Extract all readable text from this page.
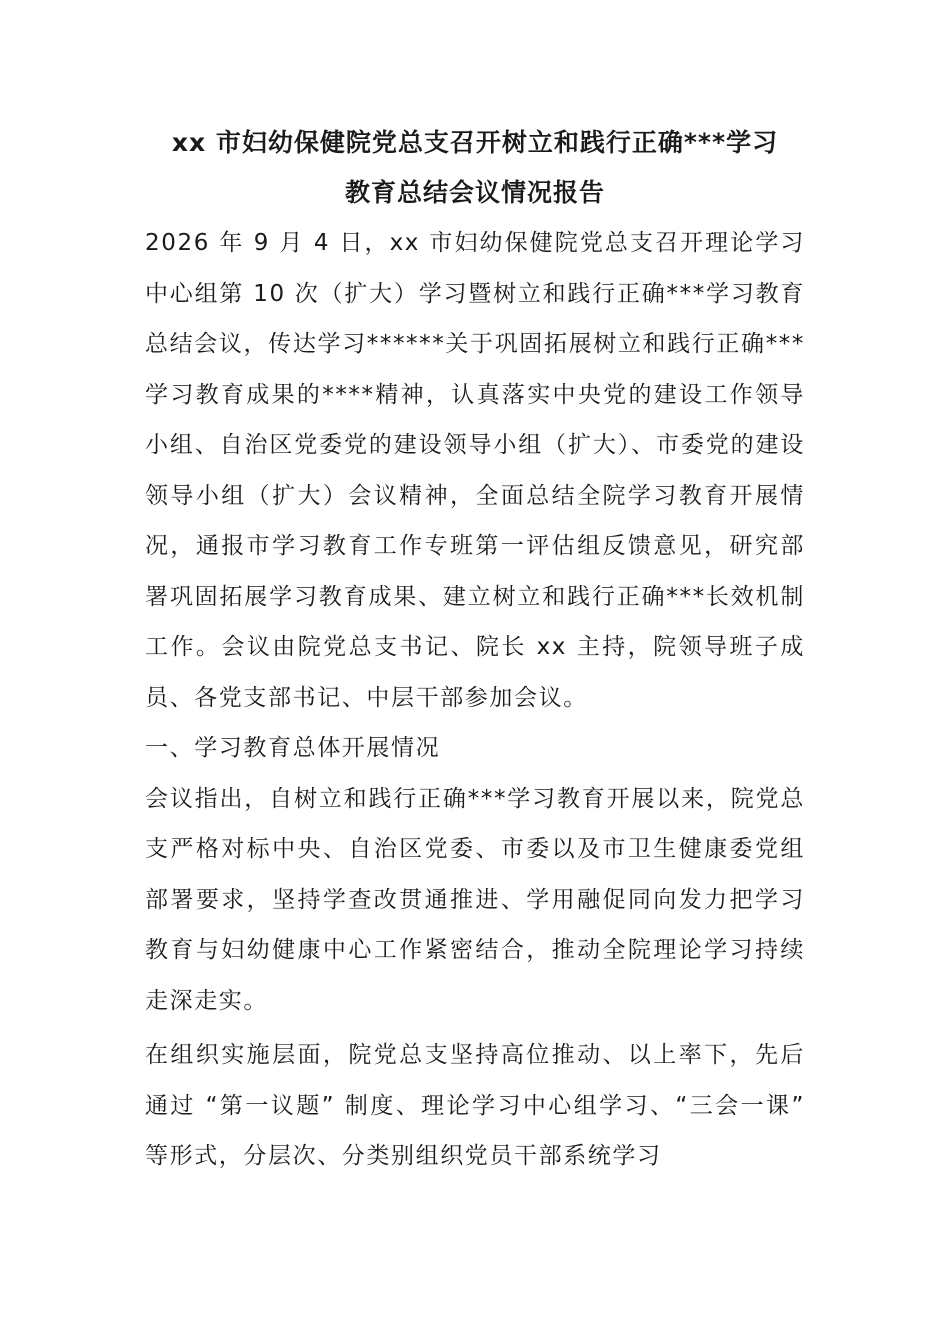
xx 市妇幼保健院党总支召开树立和践行正确***学习
教育总结会议情况报告

2026 年 9 月 4 日，xx 市妇幼保健院党总支召开理论学习中心组第 10 次（扩大）学习暨树立和践行正确***学习教育总结会议，传达学习******关于巩固拓展树立和践行正确***学习教育成果的****精神，认真落实中央党的建设工作领导小组、自治区党委党的建设领导小组（扩大）、市委党的建设领导小组（扩大）会议精神，全面总结全院学习教育开展情况，通报市学习教育工作专班第一评估组反馈意见，研究部署巩固拓展学习教育成果、建立树立和践行正确***长效机制工作。会议由院党总支书记、院长 xx 主持，院领导班子成员、各党支部书记、中层干部参加会议。

一、学习教育总体开展情况

会议指出，自树立和践行正确***学习教育开展以来，院党总支严格对标中央、自治区党委、市委以及市卫生健康委党组部署要求，坚持学查改贯通推进、学用融促同向发力把学习教育与妇幼健康中心工作紧密结合，推动全院理论学习持续走深走实。

在组织实施层面，院党总支坚持高位推动、以上率下，先后通过 “第一议题” 制度、理论学习中心组学习、“三会一课” 等形式，分层次、分类别组织党员干部系统学习
